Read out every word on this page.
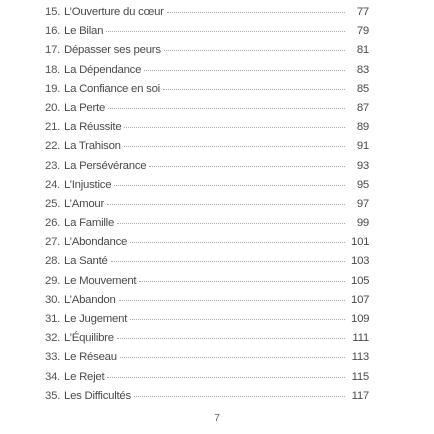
15. L’Ouverture du cœur	77
16. Le Bilan	79
17. Dépasser ses peurs	81
18. La Dépendance	83
19. La Confiance en soi	85
20. La Perte	87
21. La Réussite	89
22. La Trahison	91
23. La Persévérance	93
24. L’Injustice	95
25. L’Amour	97
26. La Famille	99
27. L’Abondance	101
28. La Santé	103
29. Le Mouvement	105
30. L’Abandon	107
31. Le Jugement	109
32. L’Équilibre	111
33. Le Réseau	113
34. Le Rejet	115
35. Les Difficultés	117
7
